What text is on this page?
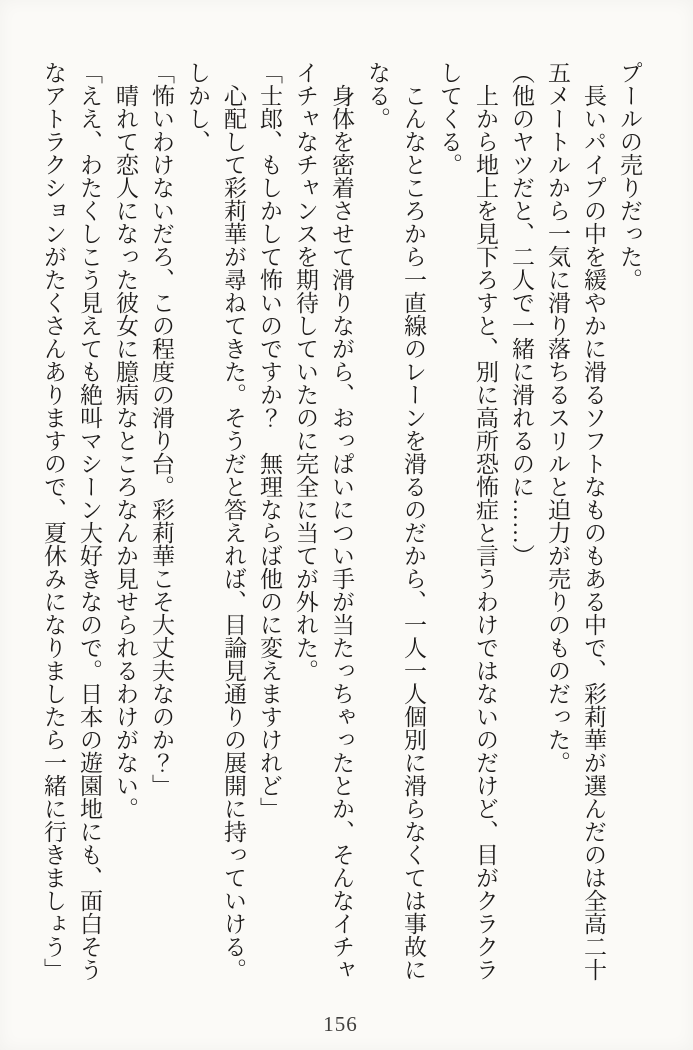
プールの売りだった。
　長いパイプの中を緩やかに滑るソフトなものもある中で、彩莉華が選んだのは全高二十
五メートルから一気に滑り落ちるスリルと迫力が売りのものだった。
（他のヤツだと、二人で一緒に滑れるのに……）
　上から地上を見下ろすと、別に高所恐怖症と言うわけではないのだけど、目がクラクラ
してくる。
　こんなところから一直線のレーンを滑るのだから、一人一人個別に滑らなくては事故に
なる。
　身体を密着させて滑りながら、おっぱいについ手が当たっちゃったとか、そんなイチャ
イチャなチャンスを期待していたのに完全に当てが外れた。
「士郎、もしかして怖いのですか？　無理ならば他のに変えますけれど」
　心配して彩莉華が尋ねてきた。そうだと答えれば、目論見通りの展開に持っていける。
しかし、
「怖いわけないだろ、この程度の滑り台。彩莉華こそ大丈夫なのか？」
　晴れて恋人になった彼女に臆病なところなんか見せられるわけがない。
「ええ、わたくしこう見えても絶叫マシーン大好きなので。日本の遊園地にも、面白そう
なアトラクションがたくさんありますので、夏休みになりましたら一緒に行きましょう」
156
